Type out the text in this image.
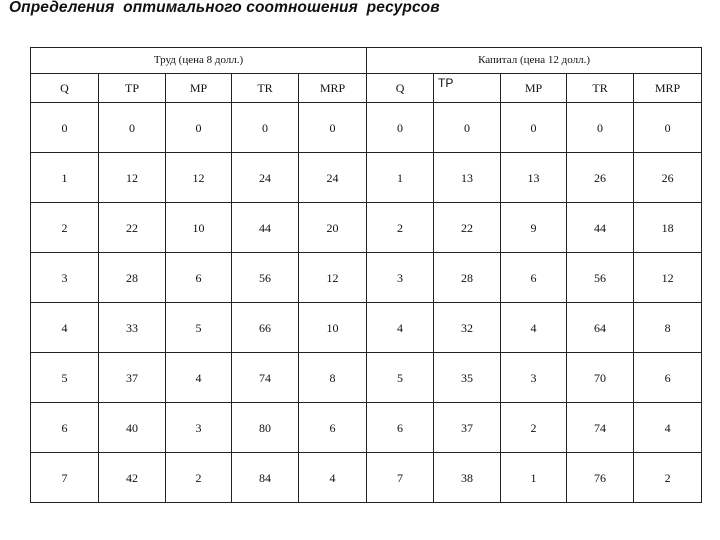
Определения  оптимального соотношения  ресурсов
Труд (цена 8 долл.)					Капитал (цена 12 долл.)				
Q	TP	MP	TR	MRP	Q	TP	MP	TR	MRP
0	0	0	0	0	0	0	0	0	0
1	12	12	24	24	1	13	13	26	26
2	22	10	44	20	2	22	9	44	18
3	28	6	56	12	3	28	6	56	12
4	33	5	66	10	4	32	4	64	8
5	37	4	74	8	5	35	3	70	6
6	40	3	80	6	6	37	2	74	4
7	42	2	84	4	7	38	1	76	2
